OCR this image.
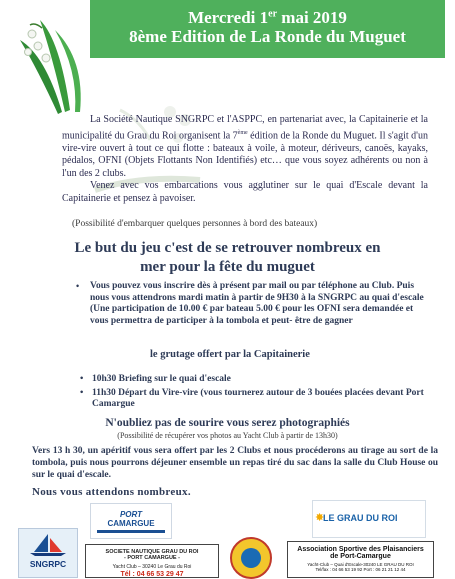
Mercredi 1er mai 2019
8ème Edition de La Ronde du Muguet

La Société Nautique SNGRPC et l'ASPPC, en partenariat avec, la Capitainerie et la municipalité du Grau du Roi organisent la 7ème édition de la Ronde du Muguet. Il s'agit d'un vire-vire ouvert à tout ce qui flotte : bateaux à voile, à moteur, dériveurs, canoës, kayaks, pédalos, OFNI (Objets Flottants Non Identifiés) etc… que vous soyez adhérents ou non à l'un des 2 clubs.

Venez avec vos embarcations vous agglutiner sur le quai d'Escale devant la Capitainerie et pensez à pavoiser.

(Possibilité d'embarquer quelques personnes à bord des bateaux)
Le but du jeu c'est de se retrouver nombreux en
mer pour la fête du muguet
• Vous pouvez vous inscrire dès à présent par mail ou par téléphone au Club. Puis nous vous attendrons mardi matin à partir de 9H30 à la SNGRPC au quai d'escale (Une participation de 10.00 € par bateau 5.00 € pour les OFNI sera demandée et vous permettra de participer à la tombola et peut- être de gagner
le grutage offert par la Capitainerie
• 10h30 Briefing sur le quai d'escale
• 11h30 Départ du Vire-vire (vous tournerez autour de 3 bouées placées devant Port Camargue
N'oubliez pas de sourire vous serez photographiés
(Possibilité de récupérer vos photos au Yacht Club à partir de 13h30)
Vers 13 h 30, un apéritif vous sera offert par les 2 Clubs et nous procéderons au tirage au sort de la tombola, puis nous pourrons déjeuner ensemble un repas tiré du sac dans la salle du Club House ou sur le quai d'escale.
Nous vous attendons nombreux.
PORT
CAMARGUE	✸
LE GRAU DU ROI
SNGRPC
SOCIETE NAUTIQUE GRAU DU ROI
- PORT CAMARGUE -
Yacht Club – 30240 Le Grau du Roi
Tél : 04 66 53 29 47
Association Sportive des Plaisanciers
de Port-Camargue
Yacht-Club – Quai d'Escale-30240 LE GRAU DU ROI
Tel/fax : 04 66 53 19 92 Port : 06 21 21 12 44
